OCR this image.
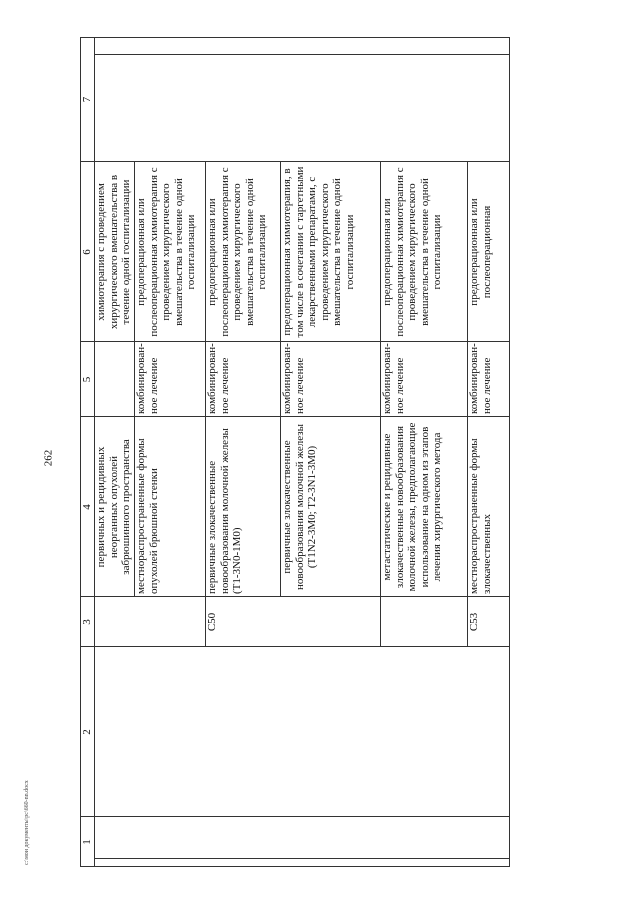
262
c:\мои документы\рс\660-nn.docx	1
2
3
4
5
6
7
первичных и рецидивных неорганных опухолей забрюшинного пространства
химиотерапия с проведением хирургического вмешательства в течение одной госпитализации
местнораспространенные формы опухолей брюшной стенки
комбинирован-ное лечение
предоперационная или послеоперационная химиотерапия с проведением хирургического вмешательства в течение одной госпитализации
C50
первичные злокачественные новообразования молочной железы (T1-3N0-1M0)
комбинирован-ное лечение
предоперационная или послеоперационная химиотерапия с проведением хирургического вмешательства в течение одной госпитализации
первичные злокачественные новообразования молочной железы (T1N2-3M0; T2-3N1-3M0)
комбинирован-ное лечение
предоперационная химиотерапия, в том числе в сочетании с таргетными лекарственными препаратами, с проведением хирургического вмешательства в течение одной госпитализации
метастатические и рецидивные злокачественные новообразования молочной железы, предполагающие использование на одном из этапов лечения хирургического метода
комбинирован-ное лечение
предоперационная или послеоперационная химиотерапия с проведением хирургического вмешательства в течение одной госпитализации
C53
местнораспространенные формы злокачественных
комбинирован-ное лечение
предоперационная или послеоперационная
